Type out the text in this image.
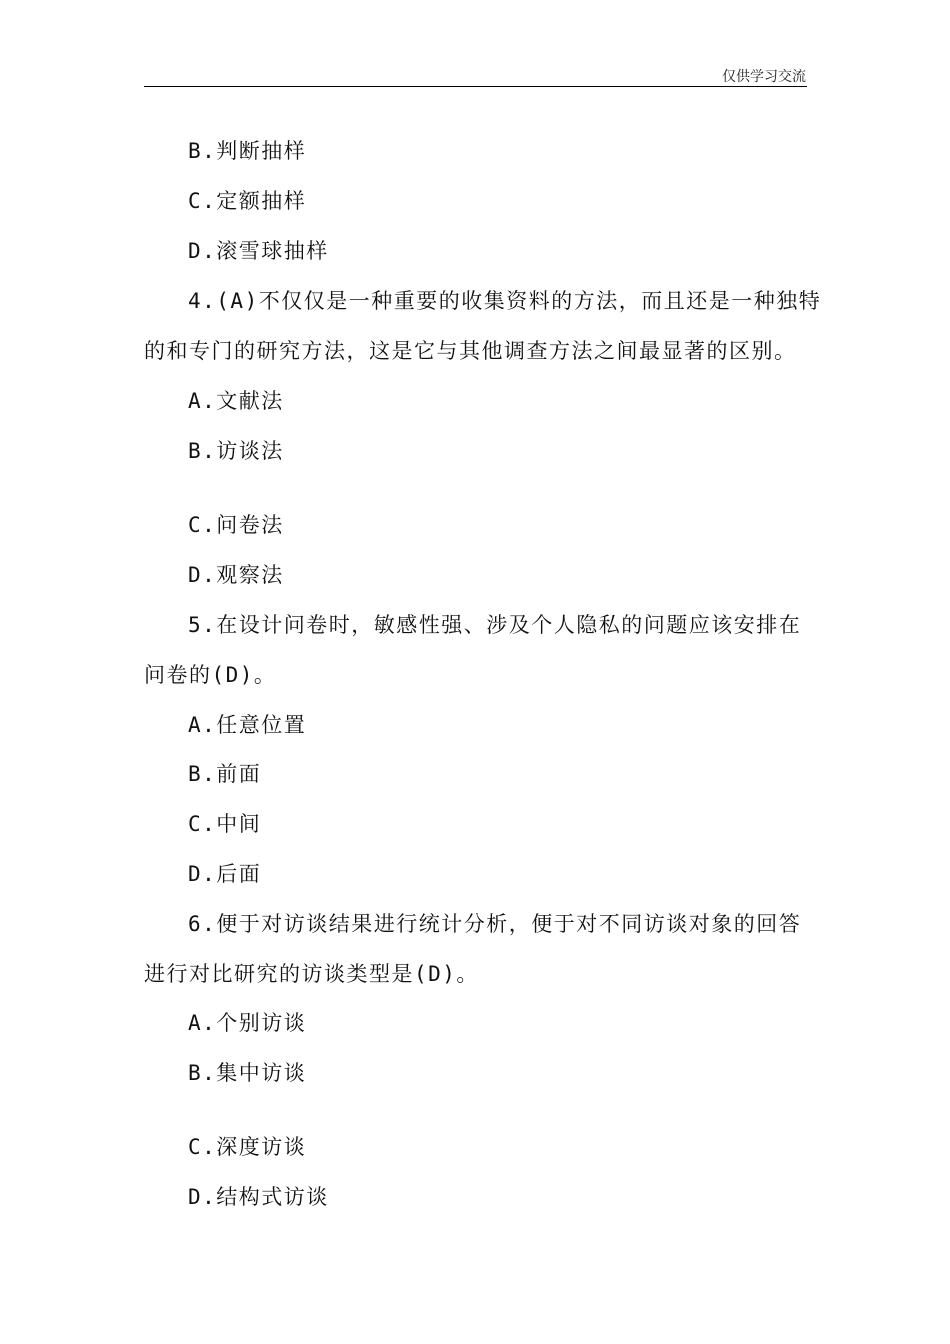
仅供学习交流
B.判断抽样
C.定额抽样
D.滚雪球抽样
4.(A)不仅仅是一种重要的收集资料的方法，而且还是一种独特
的和专门的研究方法，这是它与其他调查方法之间最显著的区别。
A.文献法
B.访谈法
C.问卷法
D.观察法
5.在设计问卷时，敏感性强、涉及个人隐私的问题应该安排在
问卷的(D)。
A.任意位置
B.前面
C.中间
D.后面
6.便于对访谈结果进行统计分析，便于对不同访谈对象的回答
进行对比研究的访谈类型是(D)。
A.个别访谈
B.集中访谈
C.深度访谈
D.结构式访谈
